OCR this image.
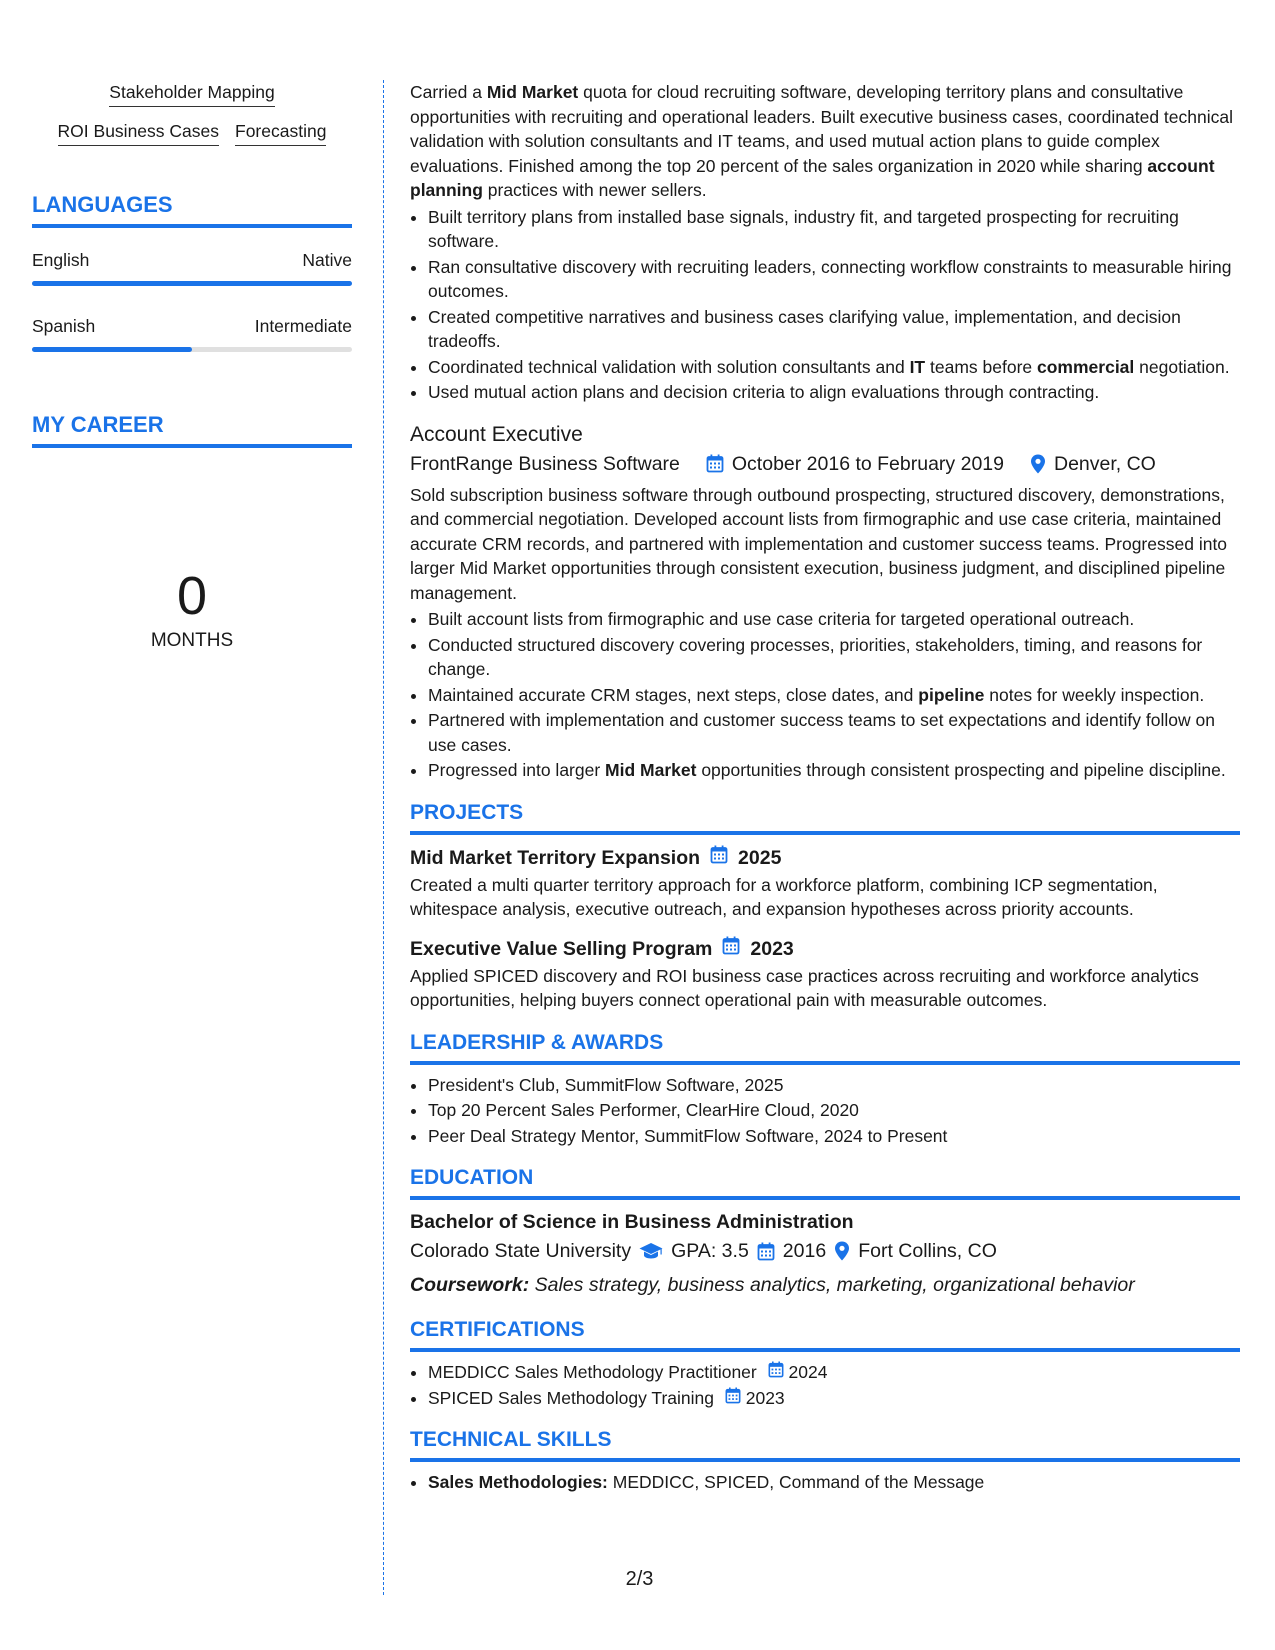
Stakeholder Mapping
ROI Business Cases Forecasting
LANGUAGES
English	Native
Spanish	Intermediate
MY CAREER
0
MONTHS

Carried a Mid Market quota for cloud recruiting software, developing territory plans and consultative opportunities with recruiting and operational leaders. Built executive business cases, coordinated technical validation with solution consultants and IT teams, and used mutual action plans to guide complex evaluations. Finished among the top 20 percent of the sales organization in 2020 while sharing account planning practices with newer sellers.

• Built territory plans from installed base signals, industry fit, and targeted prospecting for recruiting software.
• Ran consultative discovery with recruiting leaders, connecting workflow constraints to measurable hiring outcomes.
• Created competitive narratives and business cases clarifying value, implementation, and decision tradeoffs.
• Coordinated technical validation with solution consultants and IT teams before commercial negotiation.
• Used mutual action plans and decision criteria to align evaluations through contracting.
Account Executive
FrontRange Business Software	October 2016 to February 2019	Denver, CO

Sold subscription business software through outbound prospecting, structured discovery, demonstrations, and commercial negotiation. Developed account lists from firmographic and use case criteria, maintained accurate CRM records, and partnered with implementation and customer success teams. Progressed into larger Mid Market opportunities through consistent execution, business judgment, and disciplined pipeline management.

• Built account lists from firmographic and use case criteria for targeted operational outreach.
• Conducted structured discovery covering processes, priorities, stakeholders, timing, and reasons for change.
• Maintained accurate CRM stages, next steps, close dates, and pipeline notes for weekly inspection.
• Partnered with implementation and customer success teams to set expectations and identify follow on use cases.
• Progressed into larger Mid Market opportunities through consistent prospecting and pipeline discipline.
PROJECTS
Mid Market Territory Expansion 2025

Created a multi quarter territory approach for a workforce platform, combining ICP segmentation, whitespace analysis, executive outreach, and expansion hypotheses across priority accounts.

Executive Value Selling Program 2023

Applied SPICED discovery and ROI business case practices across recruiting and workforce analytics opportunities, helping buyers connect operational pain with measurable outcomes.

LEADERSHIP & AWARDS
• President's Club, SummitFlow Software, 2025
• Top 20 Percent Sales Performer, ClearHire Cloud, 2020
• Peer Deal Strategy Mentor, SummitFlow Software, 2024 to Present
EDUCATION
Bachelor of Science in Business Administration
Colorado State University GPA: 3.5 2016 Fort Collins, CO
Coursework: Sales strategy, business analytics, marketing, organizational behavior
CERTIFICATIONS
• MEDDICC Sales Methodology Practitioner 2024
• SPICED Sales Methodology Training 2023
TECHNICAL SKILLS
• Sales Methodologies: MEDDICC, SPICED, Command of the Message
2/3
